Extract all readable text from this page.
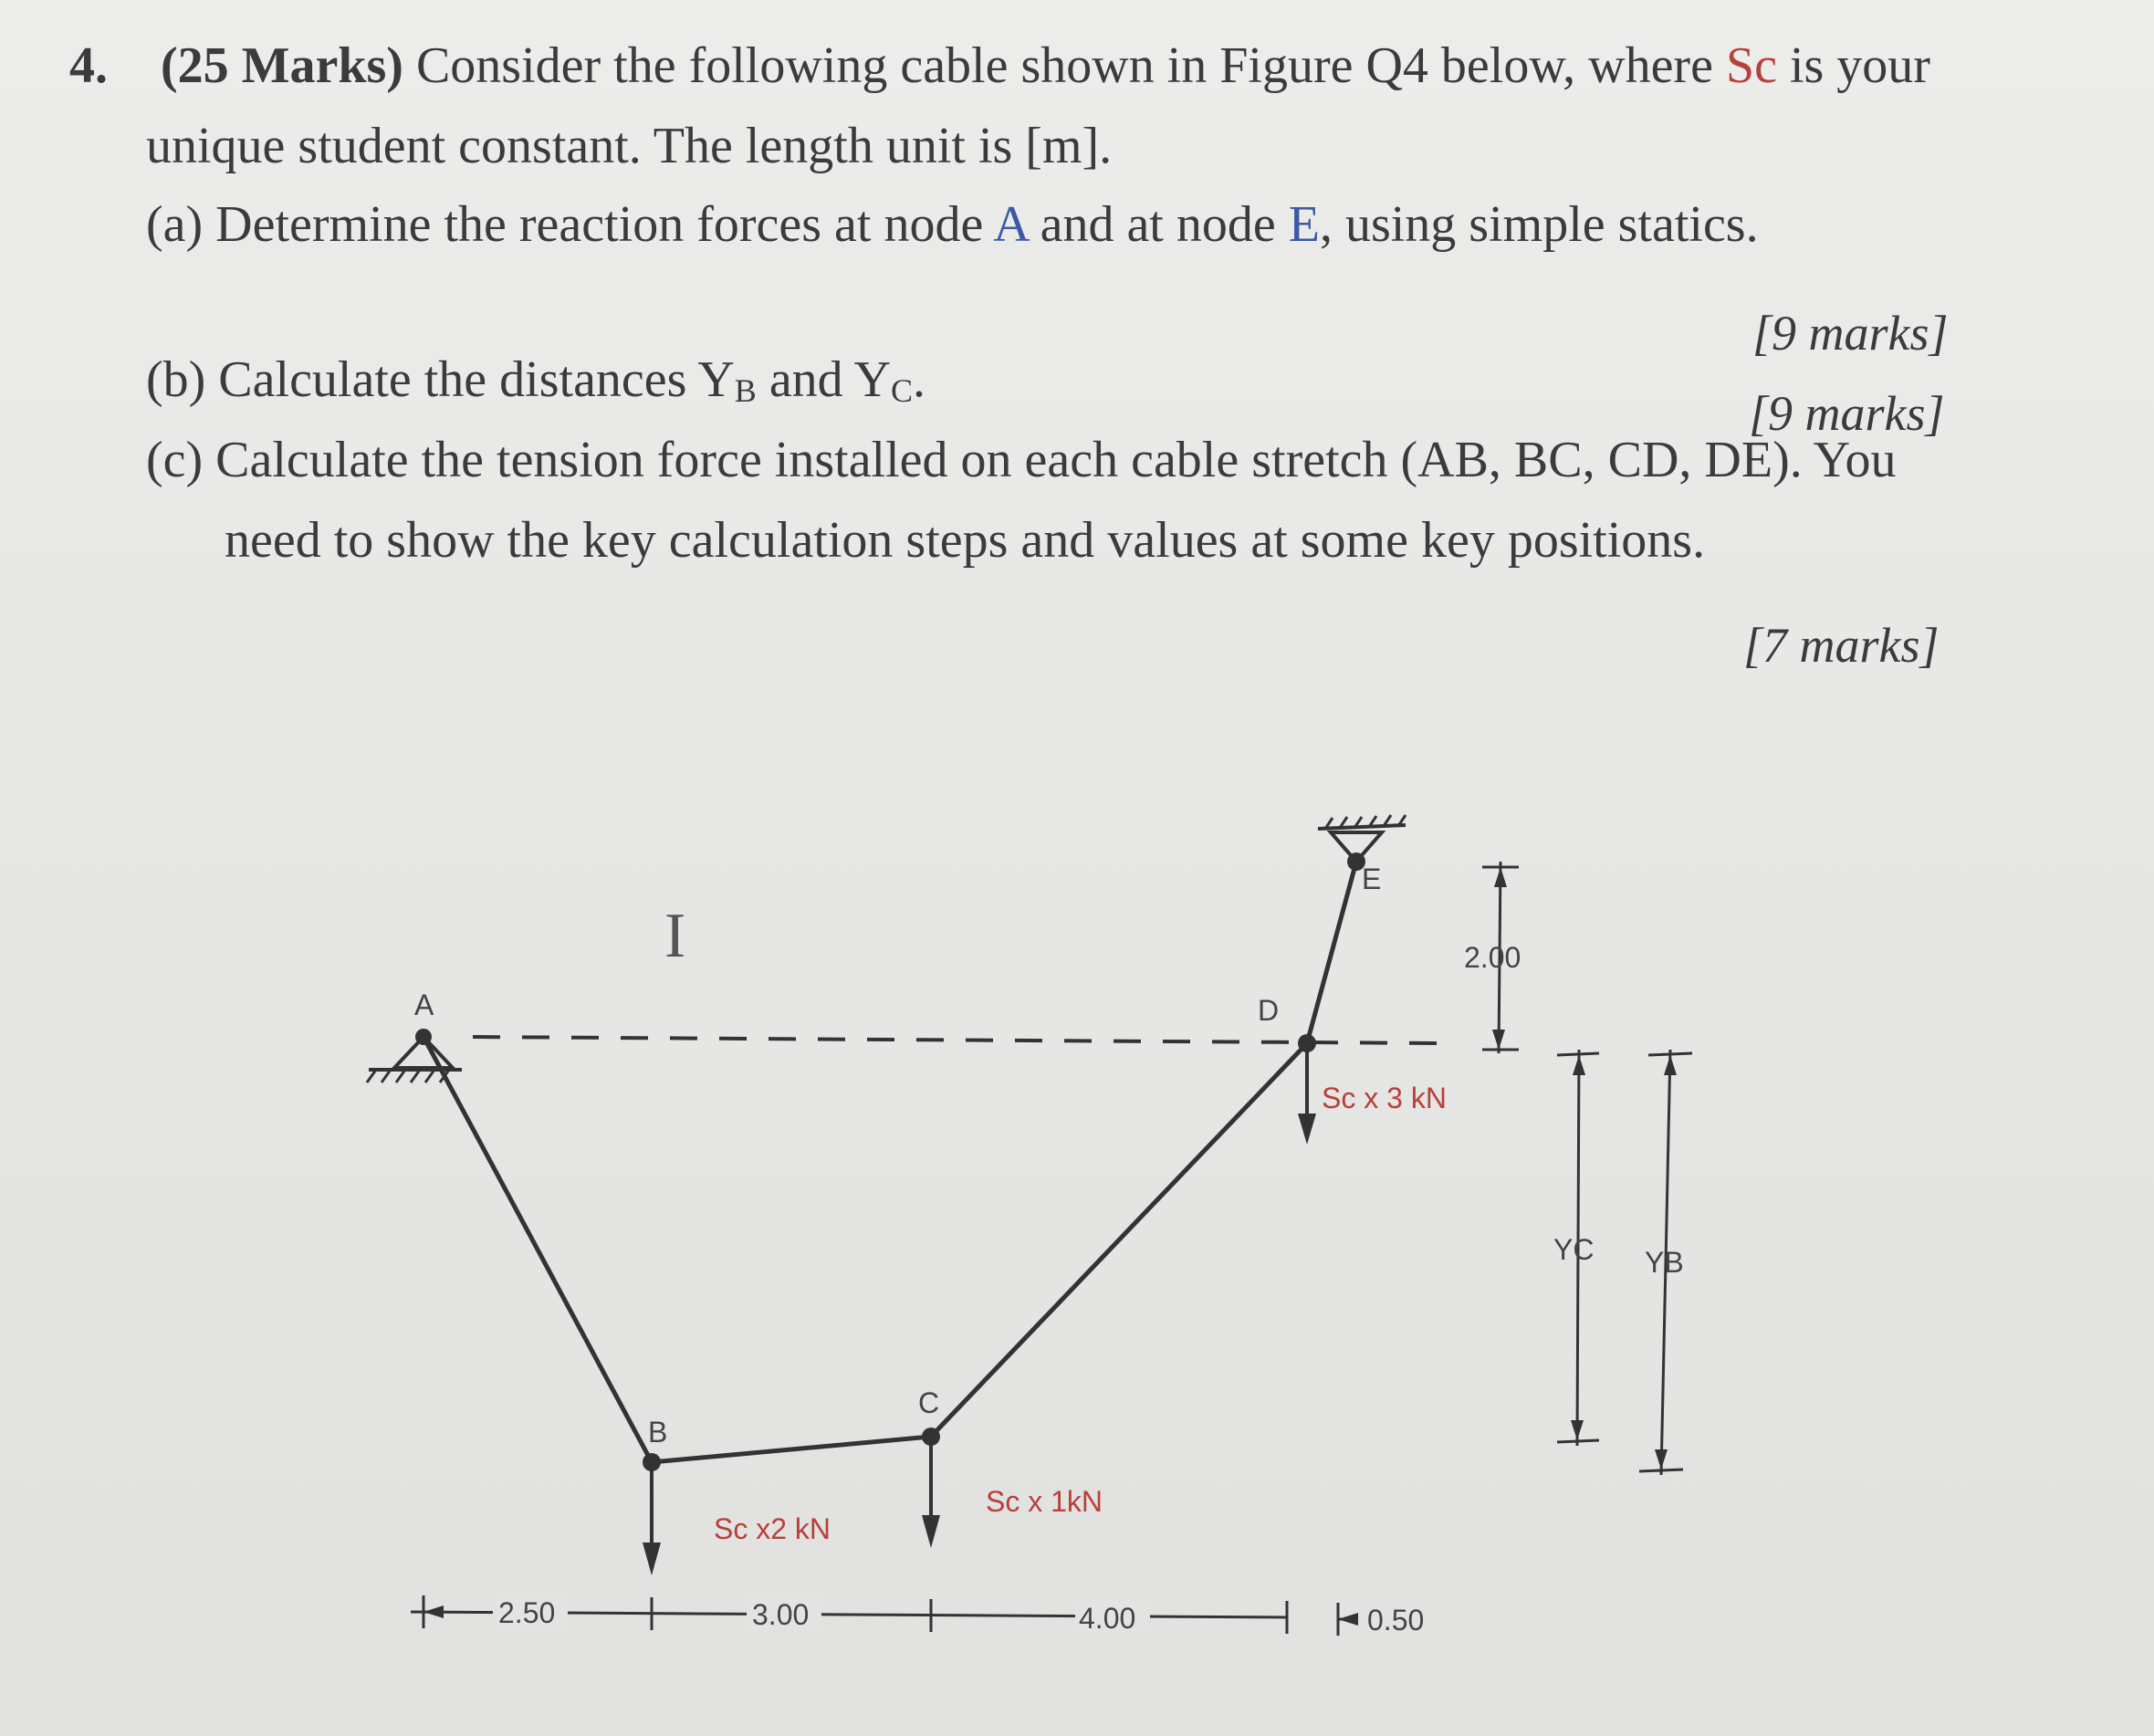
4. (25 Marks) Consider the following cable shown in Figure Q4 below, where Sc is your
unique student constant. The length unit is [m].
(a) Determine the reaction forces at node A and at node E, using simple statics.
[9 marks]
(b) Calculate the distances $Y_B$ and $Y_C$.
[9 marks]
(c) Calculate the tension force installed on each cable stretch (AB, BC, CD, DE). You
need to show the key calculation steps and values at some key positions.
[7 marks]
I
A
B
C
D
E
Sc x2 kN
Sc x 1kN
Sc x 3 kN
2.00
YC YB
2.50	3.00	4.00	0.50
